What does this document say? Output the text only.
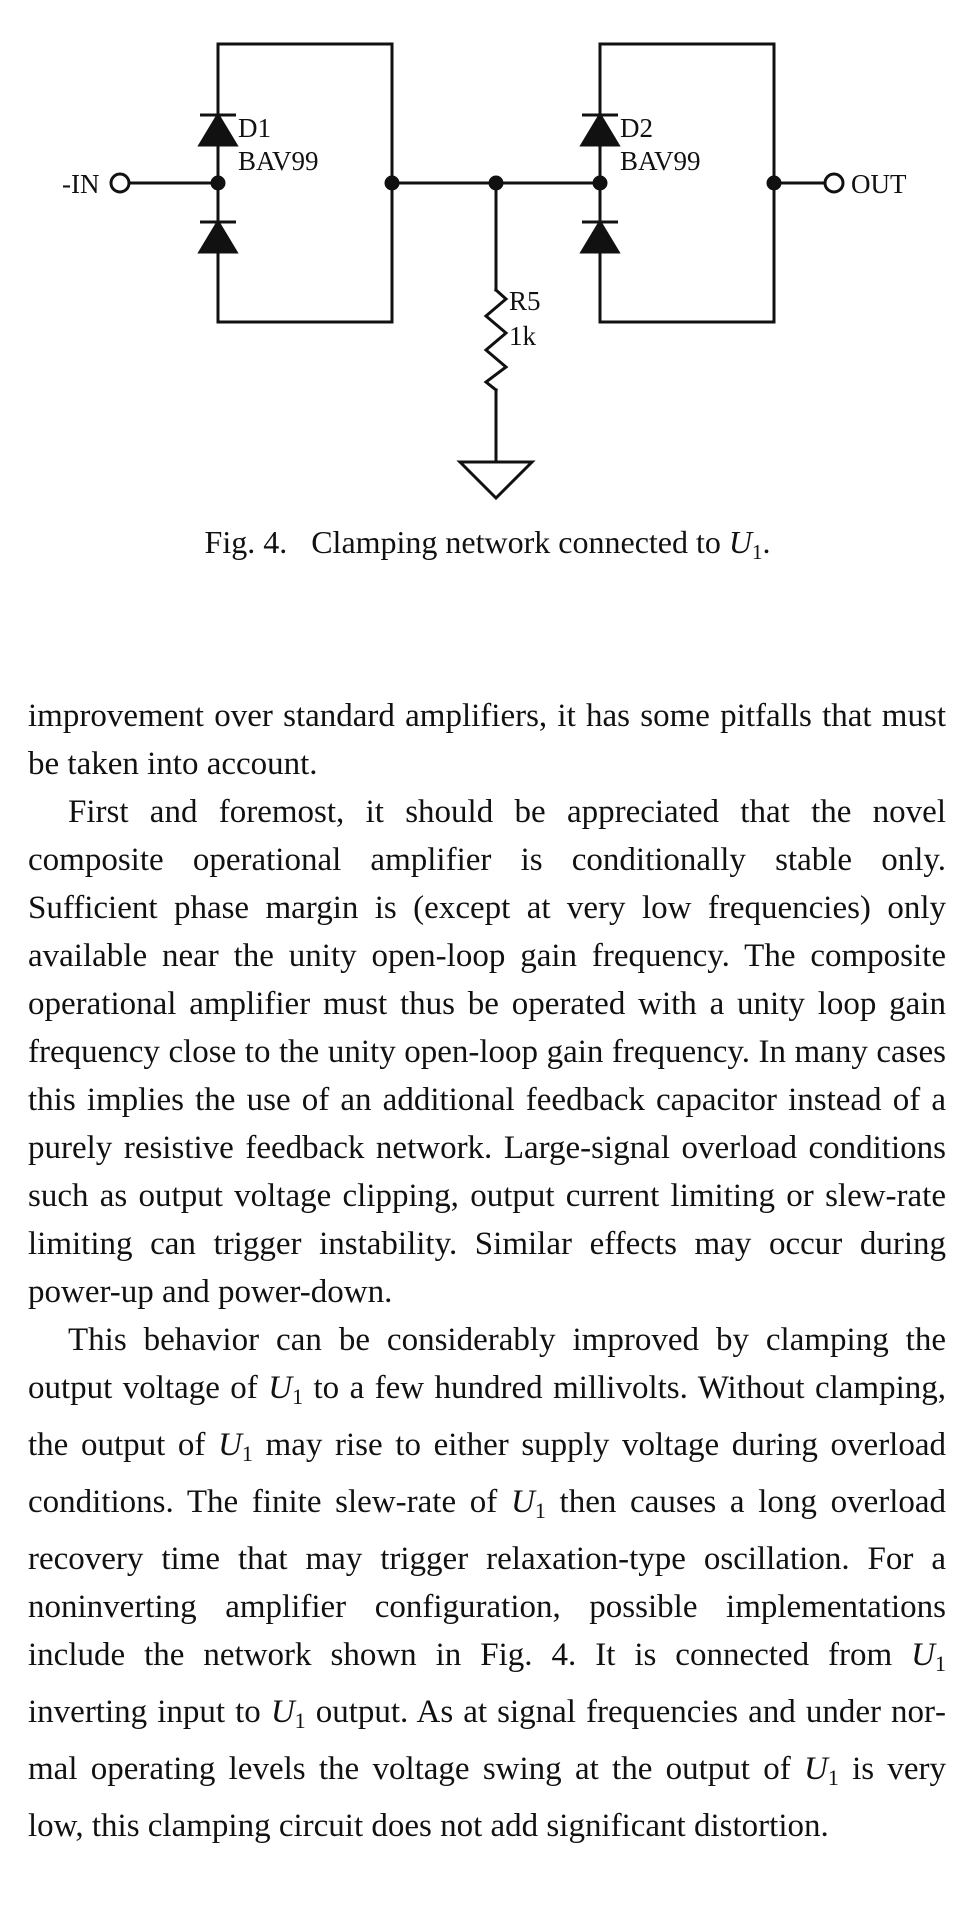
-IN	OUT
D1
BAV99
D2
BAV99
R5
1k
Fig. 4. Clamping network connected to $U_1$.

improvement over standard amplifiers, it has some pitfalls that must be taken into account.

First and foremost, it should be appreciated that the novel composite operational amplifier is conditionally stable only. Sufficient phase margin is (except at very low frequencies) only available near the unity open-loop gain frequency. The composite operational amplifier must thus be operated with a unity loop gain frequency close to the unity open-loop gain frequency. In many cases this implies the use of an additional feedback capacitor instead of a purely resistive feedback network. Large-signal overload conditions such as output voltage clipping, output current limiting or slew-rate limiting can trigger instability. Similar effects may occur during power-up and power-down.

This behavior can be considerably improved by clamping the output voltage of $U_1$ to a few hundred millivolts. Without clamping, the output of $U_1$ may rise to either supply voltage during overload conditions. The finite slew-rate of $U_1$ then causes a long overload recovery time that may trigger relaxation-type oscillation. For a noninverting amplifier configuration, possible implementations include the network shown in Fig. 4. It is connected from $U_1$ inverting input to $U_1$ output. As at signal frequencies and under normal operating levels the voltage swing at the output of $U_1$ is very low, this clamping circuit does not add significant distortion.
